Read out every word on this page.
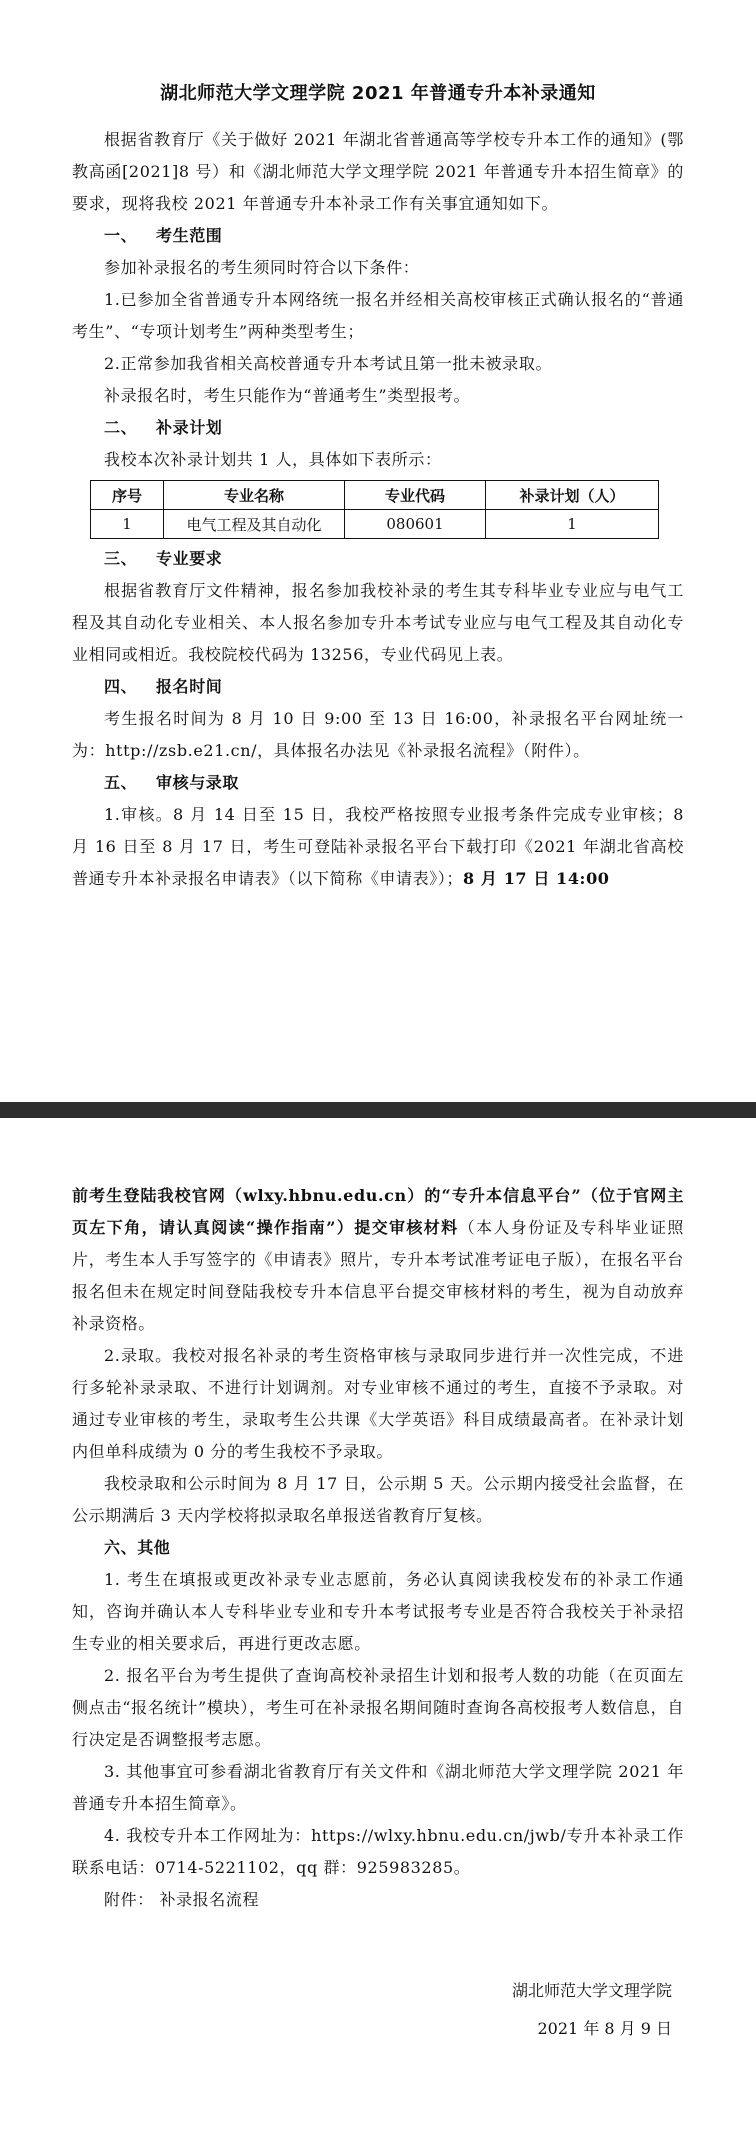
湖北师范大学文理学院 2021 年普通专升本补录通知

根据省教育厅《关于做好 2021 年湖北省普通高等学校专升本工作的通知》(鄂教高函[2021]8 号）和《湖北师范大学文理学院 2021 年普通专升本招生简章》的要求，现将我校 2021 年普通专升本补录工作有关事宜通知如下。

一、 考生范围

参加补录报名的考生须同时符合以下条件：

1.已参加全省普通专升本网络统一报名并经相关高校审核正式确认报名的“普通考生”、“专项计划考生”两种类型考生；

2.正常参加我省相关高校普通专升本考试且第一批未被录取。

补录报名时，考生只能作为“普通考生”类型报考。

二、 补录计划

我校本次补录计划共 1 人，具体如下表所示：

序号	专业名称	专业代码	补录计划（人）
1	电气工程及其自动化	080601	1
三、 专业要求

根据省教育厅文件精神，报名参加我校补录的考生其专科毕业专业应与电气工程及其自动化专业相关、本人报名参加专升本考试专业应与电气工程及其自动化专业相同或相近。我校院校代码为 13256，专业代码见上表。

四、 报名时间

考生报名时间为 8 月 10 日 9:00 至 13 日 16:00，补录报名平台网址统一为：http://zsb.e21.cn/，具体报名办法见《补录报名流程》（附件）。

五、 审核与录取

1.审核。8 月 14 日至 15 日，我校严格按照专业报考条件完成专业审核；8 月 16 日至 8 月 17 日，考生可登陆补录报名平台下载打印《2021 年湖北省高校普通专升本补录报名申请表》（以下简称《申请表》）；8 月 17 日 14:00

前考生登陆我校官网（wlxy.hbnu.edu.cn）的“专升本信息平台”（位于官网主页左下角，请认真阅读“操作指南”）提交审核材料（本人身份证及专科毕业证照片，考生本人手写签字的《申请表》照片，专升本考试准考证电子版），在报名平台报名但未在规定时间登陆我校专升本信息平台提交审核材料的考生，视为自动放弃补录资格。

2.录取。我校对报名补录的考生资格审核与录取同步进行并一次性完成，不进行多轮补录录取、不进行计划调剂。对专业审核不通过的考生，直接不予录取。对通过专业审核的考生，录取考生公共课《大学英语》科目成绩最高者。在补录计划内但单科成绩为 0 分的考生我校不予录取。

我校录取和公示时间为 8 月 17 日，公示期 5 天。公示期内接受社会监督，在公示期满后 3 天内学校将拟录取名单报送省教育厅复核。

六、其他

1. 考生在填报或更改补录专业志愿前，务必认真阅读我校发布的补录工作通知，咨询并确认本人专科毕业专业和专升本考试报考专业是否符合我校关于补录招生专业的相关要求后，再进行更改志愿。

2. 报名平台为考生提供了查询高校补录招生计划和报考人数的功能（在页面左侧点击“报名统计”模块），考生可在补录报名期间随时查询各高校报考人数信息，自行决定是否调整报考志愿。

3. 其他事宜可参看湖北省教育厅有关文件和《湖北师范大学文理学院 2021 年普通专升本招生简章》。

4. 我校专升本工作网址为：https://wlxy.hbnu.edu.cn/jwb/专升本补录工作联系电话：0714-5221102，qq 群：925983285。

附件： 补录报名流程

湖北师范大学文理学院
2021 年 8 月 9 日
